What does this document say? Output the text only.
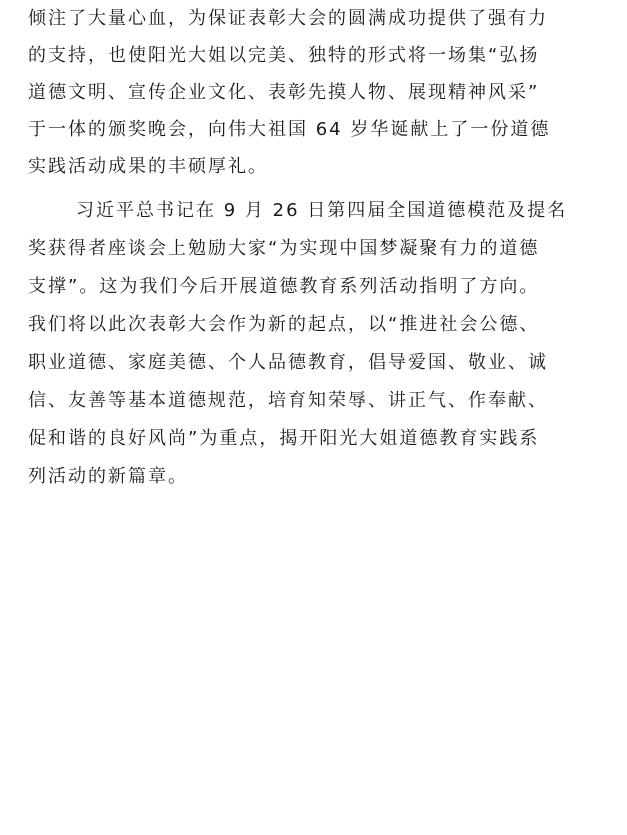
倾注了大量心血，为保证表彰大会的圆满成功提供了强有力
的支持，也使阳光大姐以完美、独特的形式将一场集“弘扬
道德文明、宣传企业文化、表彰先摸人物、展现精神风采”
于一体的颁奖晚会，向伟大祖国 64 岁华诞献上了一份道德
实践活动成果的丰硕厚礼。
习近平总书记在 9 月 26 日第四届全国道德模范及提名
奖获得者座谈会上勉励大家“为实现中国梦凝聚有力的道德
支撑”。这为我们今后开展道德教育系列活动指明了方向。
我们将以此次表彰大会作为新的起点，以“推进社会公德、
职业道德、家庭美德、个人品德教育，倡导爱国、敬业、诚
信、友善等基本道德规范，培育知荣辱、讲正气、作奉献、
促和谐的良好风尚”为重点，揭开阳光大姐道德教育实践系
列活动的新篇章。
